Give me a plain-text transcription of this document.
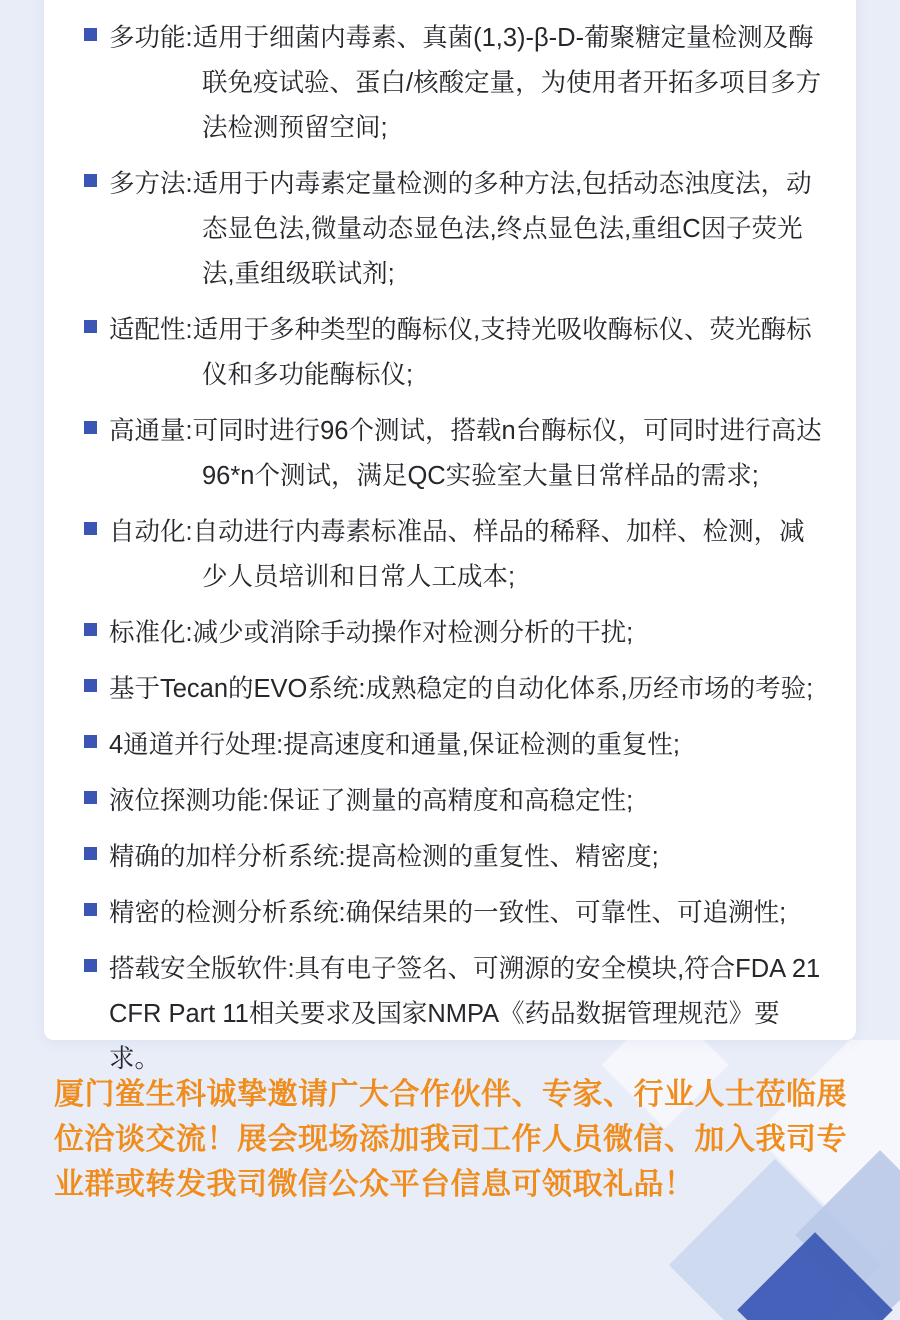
多功能:适用于细菌内毒素、真菌(1,3)-β-D-葡聚糖定量检测及酶联免疫试验、蛋白/核酸定量，为使用者开拓多项目多方法检测预留空间;
多方法:适用于内毒素定量检测的多种方法,包括动态浊度法，动态显色法,微量动态显色法,终点显色法,重组C因子荧光法,重组级联试剂;
适配性:适用于多种类型的酶标仪,支持光吸收酶标仪、荧光酶标仪和多功能酶标仪;
高通量:可同时进行96个测试，搭载n台酶标仪，可同时进行高达96*n个测试，满足QC实验室大量日常样品的需求;
自动化:自动进行内毒素标准品、样品的稀释、加样、检测，减少人员培训和日常人工成本;
标准化:减少或消除手动操作对检测分析的干扰;
基于Tecan的EVO系统:成熟稳定的自动化体系,历经市场的考验;
4通道并行处理:提高速度和通量,保证检测的重复性;
液位探测功能:保证了测量的高精度和高稳定性;
精确的加样分析系统:提高检测的重复性、精密度;
精密的检测分析系统:确保结果的一致性、可靠性、可追溯性;
搭载安全版软件:具有电子签名、可溯源的安全模块,符合FDA 21 CFR Part 11相关要求及国家NMPA《药品数据管理规范》要求。

厦门鲎生科诚挚邀请广大合作伙伴、专家、行业人士莅临展位洽谈交流！展会现场添加我司工作人员微信、加入我司专业群或转发我司微信公众平台信息可领取礼品！
